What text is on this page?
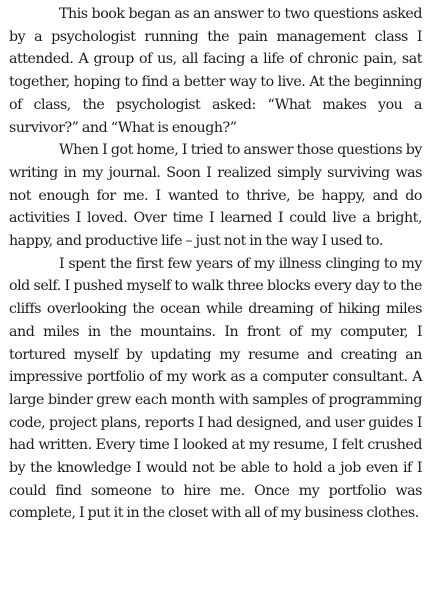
This book began as an answer to two questions asked by a psychologist running the pain management class I attended. A group of us, all facing a life of chronic pain, sat together, hoping to find a better way to live. At the beginning of class, the psychologist asked: “What makes you a survivor?” and “What is enough?”

When I got home, I tried to answer those questions by writing in my journal. Soon I realized simply surviving was not enough for me. I wanted to thrive, be happy, and do activities I loved. Over time I learned I could live a bright, happy, and productive life – just not in the way I used to.

I spent the first few years of my illness clinging to my old self. I pushed myself to walk three blocks every day to the cliffs overlooking the ocean while dreaming of hiking miles and miles in the mountains. In front of my computer, I tortured myself by updating my resume and creating an impressive portfolio of my work as a computer consultant. A large binder grew each month with samples of programming code, project plans, reports I had designed, and user guides I had written. Every time I looked at my resume, I felt crushed by the knowledge I would not be able to hold a job even if I could find someone to hire me. Once my portfolio was complete, I put it in the closet with all of my business clothes.
